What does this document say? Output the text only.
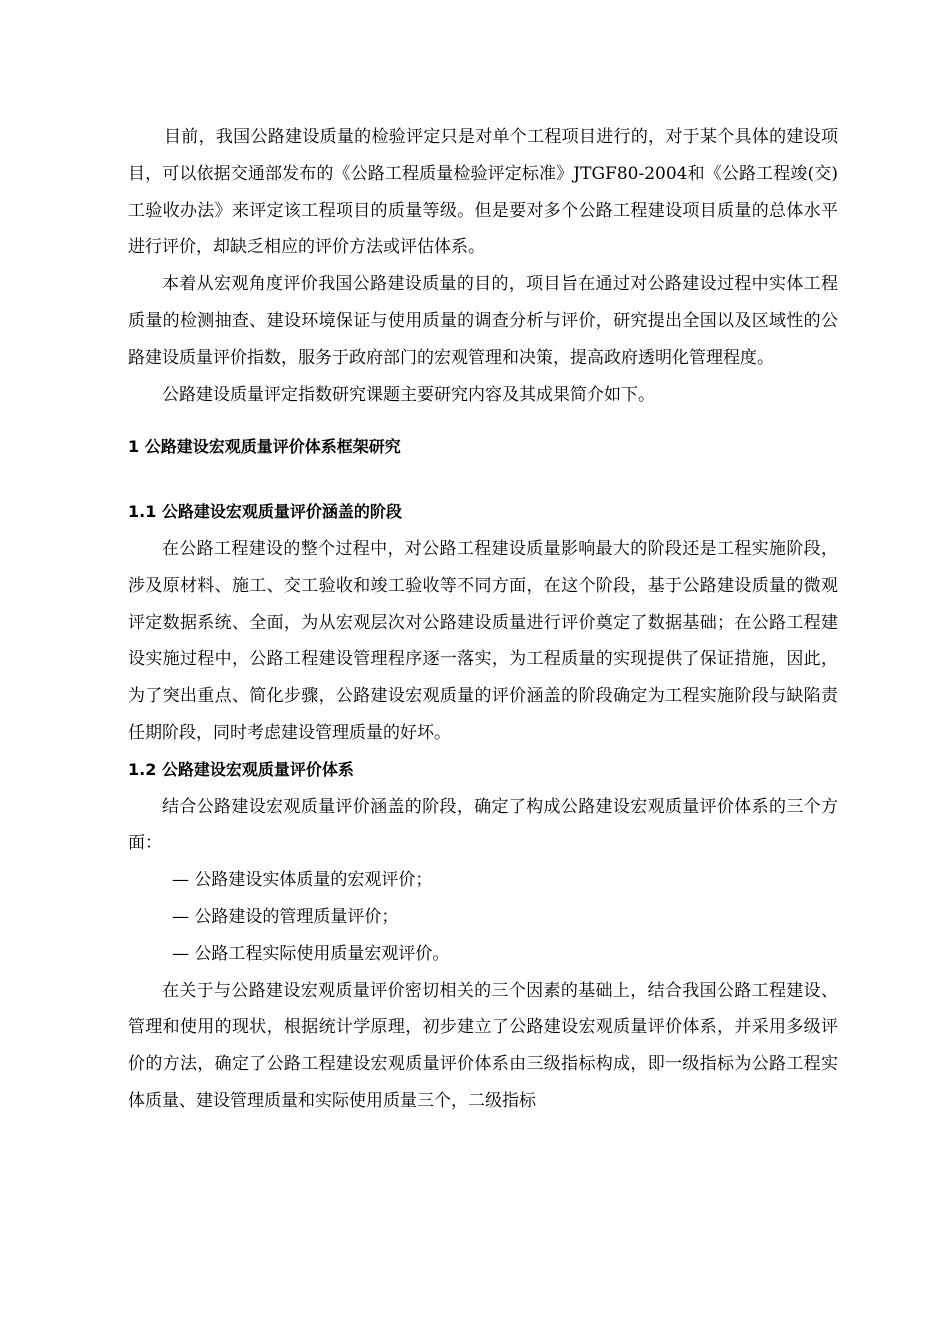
目前，我国公路建设质量的检验评定只是对单个工程项目进行的，对于某个具体的建设项目，可以依据交通部发布的《公路工程质量检验评定标准》JTGF80-2004和《公路工程竣(交)工验收办法》来评定该工程项目的质量等级。但是要对多个公路工程建设项目质量的总体水平进行评价，却缺乏相应的评价方法或评估体系。

本着从宏观角度评价我国公路建设质量的目的，项目旨在通过对公路建设过程中实体工程质量的检测抽查、建设环境保证与使用质量的调查分析与评价，研究提出全国以及区域性的公路建设质量评价指数，服务于政府部门的宏观管理和决策，提高政府透明化管理程度。

公路建设质量评定指数研究课题主要研究内容及其成果简介如下。

1 公路建设宏观质量评价体系框架研究
1.1 公路建设宏观质量评价涵盖的阶段

在公路工程建设的整个过程中，对公路工程建设质量影响最大的阶段还是工程实施阶段，涉及原材料、施工、交工验收和竣工验收等不同方面，在这个阶段，基于公路建设质量的微观评定数据系统、全面，为从宏观层次对公路建设质量进行评价奠定了数据基础；在公路工程建设实施过程中，公路工程建设管理程序逐一落实，为工程质量的实现提供了保证措施，因此，为了突出重点、简化步骤，公路建设宏观质量的评价涵盖的阶段确定为工程实施阶段与缺陷责任期阶段，同时考虑建设管理质量的好坏。

1.2 公路建设宏观质量评价体系

结合公路建设宏观质量评价涵盖的阶段，确定了构成公路建设宏观质量评价体系的三个方面：

— 公路建设实体质量的宏观评价；

— 公路建设的管理质量评价；

— 公路工程实际使用质量宏观评价。

在关于与公路建设宏观质量评价密切相关的三个因素的基础上，结合我国公路工程建设、管理和使用的现状，根据统计学原理，初步建立了公路建设宏观质量评价体系，并采用多级评价的方法，确定了公路工程建设宏观质量评价体系由三级指标构成，即一级指标为公路工程实体质量、建设管理质量和实际使用质量三个，二级指标
